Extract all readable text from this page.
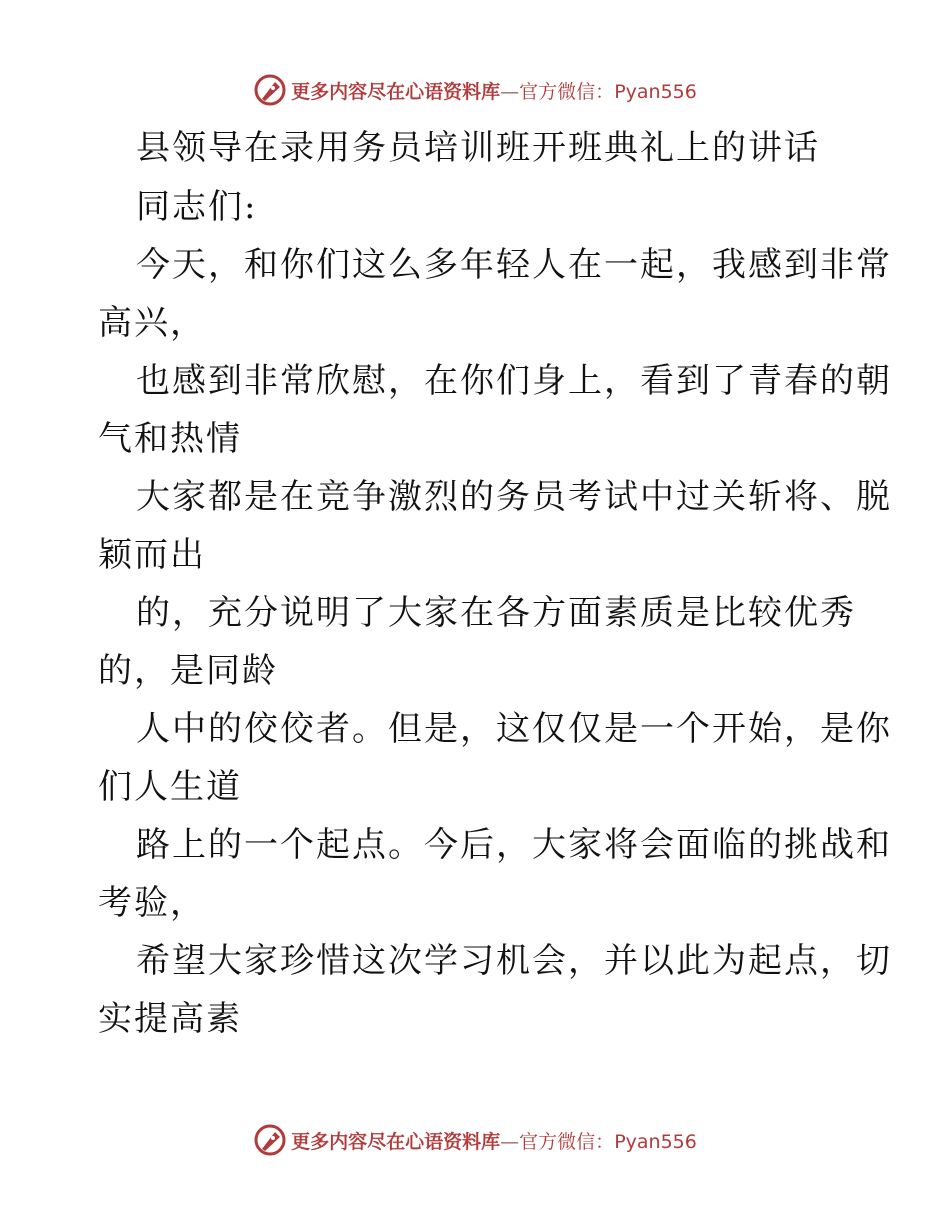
更多内容尽在心语资料库—官方微信：Pyan556
县领导在录用务员培训班开班典礼上的讲话
同志们:
今天，和你们这么多年轻人在一起，我感到非常
高兴，
也感到非常欣慰，在你们身上，看到了青春的朝
气和热情
大家都是在竞争激烈的务员考试中过关斩将、脱
颖而出
的，充分说明了大家在各方面素质是比较优秀
的，是同龄
人中的佼佼者。但是，这仅仅是一个开始，是你
们人生道
路上的一个起点。今后，大家将会面临的挑战和
考验，
希望大家珍惜这次学习机会，并以此为起点，切
实提高素
更多内容尽在心语资料库—官方微信：Pyan556
